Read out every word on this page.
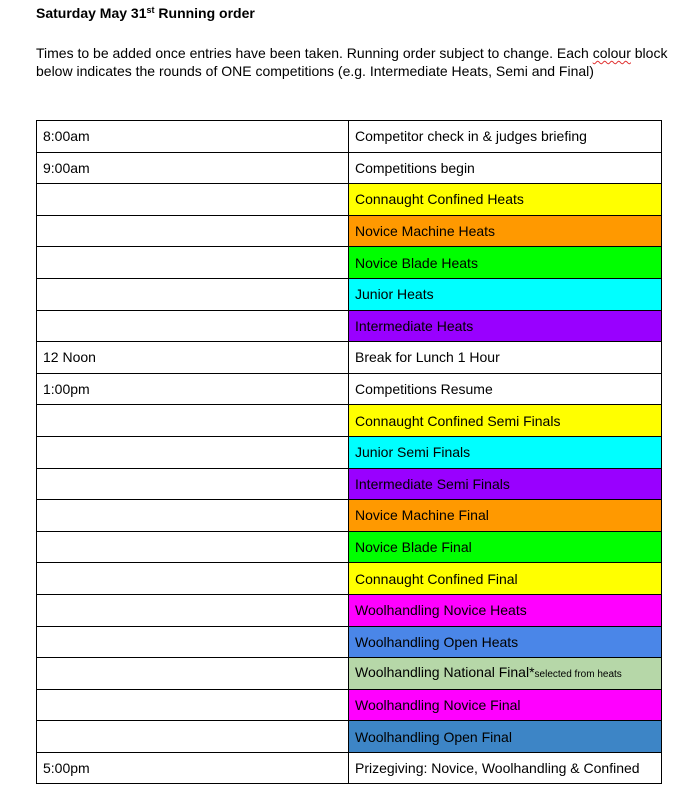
Saturday May 31st Running order
Times to be added once entries have been taken. Running order subject to change. Each colour block below indicates the rounds of ONE competitions (e.g. Intermediate Heats, Semi and Final)
8:00am	Competitor check in & judges briefing
9:00am	Competitions begin
	Connaught Confined Heats
	Novice Machine Heats
	Novice Blade Heats
	Junior Heats
	Intermediate Heats
12 Noon	Break for Lunch 1 Hour
1:00pm	Competitions Resume
	Connaught Confined Semi Finals
	Junior Semi Finals
	Intermediate Semi Finals
	Novice Machine Final
	Novice Blade Final
	Connaught Confined Final
	Woolhandling Novice Heats
	Woolhandling Open Heats
	Woolhandling National Final*selected from heats
	Woolhandling Novice Final
	Woolhandling Open Final
5:00pm	Prizegiving: Novice, Woolhandling & Confined
